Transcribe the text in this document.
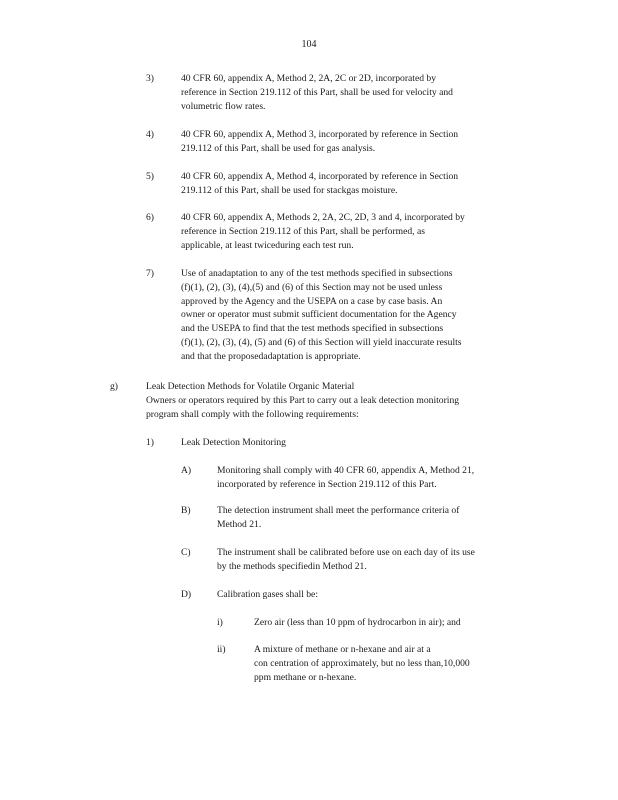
104
3)	40 CFR 60, appendix A, Method 2, 2A, 2C or 2D, incorporated by
reference in Section 219.112 of this Part, shall be used for velocity and
volumetric flow rates.
4)	40 CFR 60, appendix A, Method 3, incorporated by reference in Section
219.112 of this Part, shall be used for gas analysis.
5)	40 CFR 60, appendix A, Method 4, incorporated by reference in Section
219.112 of this Part, shall be used for stackgas moisture.
6)	40 CFR 60, appendix A, Methods 2, 2A, 2C, 2D, 3 and 4, incorporated by
reference in Section 219.112 of this Part, shall be performed, as
applicable, at least twiceduring each test run.
7)	Use of anadaptation to any of the test methods specified in subsections
(f)(1), (2), (3), (4),(5) and (6) of this Section may not be used unless
approved by the Agency and the USEPA on a case by case basis. An
owner or operator must submit sufficient documentation for the Agency
and the USEPA to find that the test methods specified in subsections
(f)(1), (2), (3), (4), (5) and (6) of this Section will yield inaccurate results
and that the proposedadaptation is appropriate.
g)	Leak Detection Methods for Volatile Organic Material
Owners or operators required by this Part to carry out a leak detection monitoring
program shall comply with the following requirements:
1)	Leak Detection Monitoring
A)	Monitoring shall comply with 40 CFR 60, appendix A, Method 21,
incorporated by reference in Section 219.112 of this Part.
B)	The detection instrument shall meet the performance criteria of
Method 21.
C)	The instrument shall be calibrated before use on each day of its use
by the methods specifiedin Method 21.
D)	Calibration gases shall be:
i)	Zero air (less than 10 ppm of hydrocarbon in air); and
ii)	A mixture of methane or n-hexane and air at a
con centration of approximately, but no less than,10,000
ppm methane or n-hexane.
